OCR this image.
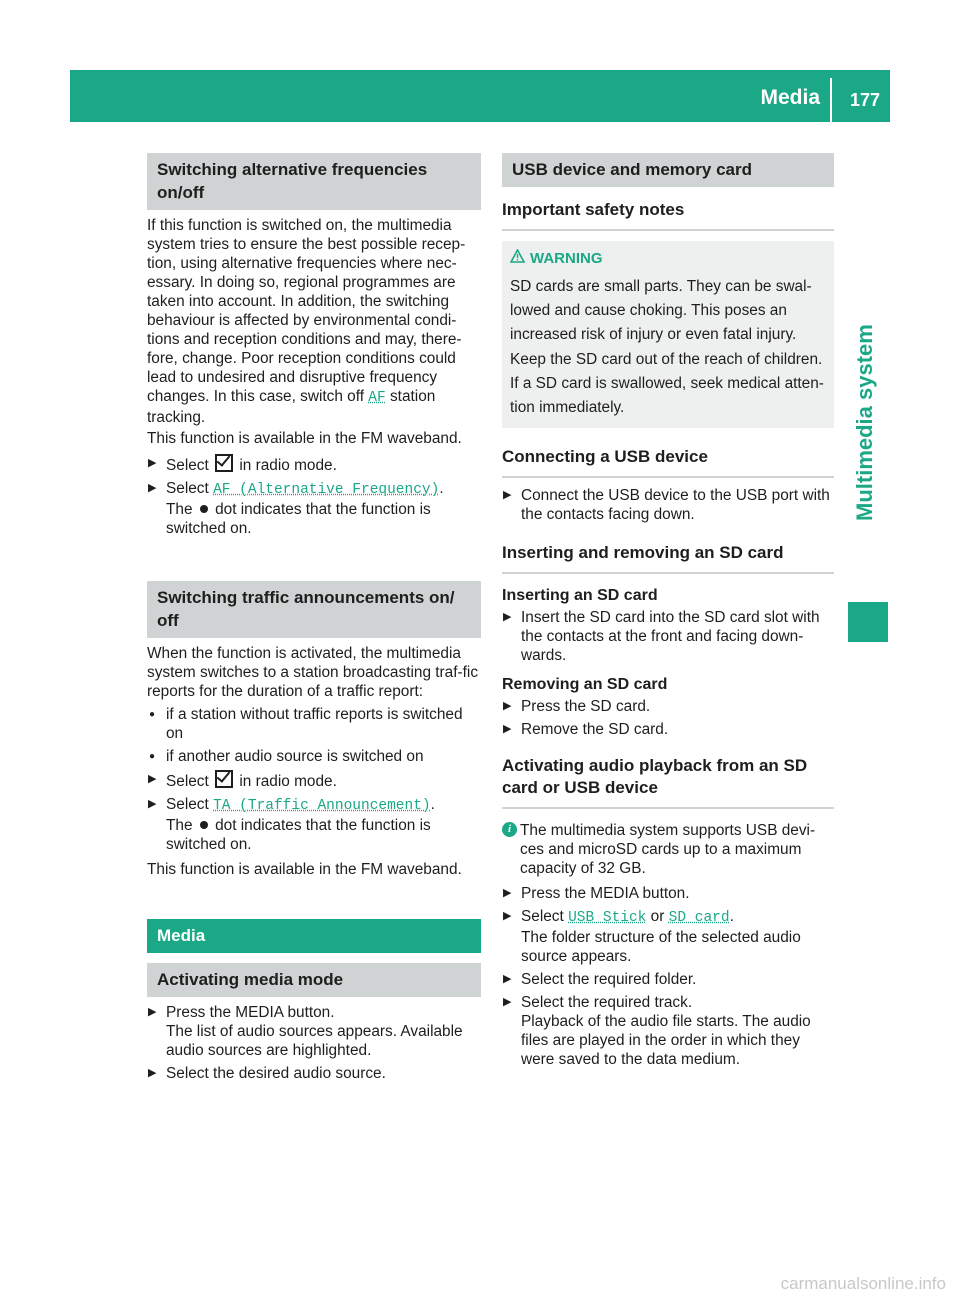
Media 177
Multimedia system
Switching alternative frequencies on/off

If this function is switched on, the multimedia system tries to ensure the best possible recep-tion, using alternative frequencies where nec-essary. In doing so, regional programmes are taken into account. In addition, the switching behaviour is affected by environmental condi-tions and reception conditions and may, there-fore, change. Poor reception conditions could lead to undesired and disruptive frequency changes. In this case, switch off AF station tracking.

This function is available in the FM waveband.

▶ Select in radio mode.

▶ Select AF (Alternative Frequency).
The dot indicates that the function is switched on.

Switching traffic announcements on/ off

When the function is activated, the multimedia system switches to a station broadcasting traf-fic reports for the duration of a traffic report:

● if a station without traffic reports is switched on

● if another audio source is switched on

▶ Select in radio mode.

▶ Select TA (Traffic Announcement).
The dot indicates that the function is switched on.

This function is available in the FM waveband.

Media
Activating media mode

▶ Press the MEDIA button.
The list of audio sources appears. Available audio sources are highlighted.

▶ Select the desired audio source.

USB device and memory card
Important safety notes
WARNING

SD cards are small parts. They can be swal-lowed and cause choking. This poses an increased risk of injury or even fatal injury.

Keep the SD card out of the reach of children. If a SD card is swallowed, seek medical atten-tion immediately.

Connecting a USB device

▶ Connect the USB device to the USB port with the contacts facing down.

Inserting and removing an SD card
Inserting an SD card

▶ Insert the SD card into the SD card slot with the contacts at the front and facing down-wards.

Removing an SD card

▶ Press the SD card.

▶ Remove the SD card.

Activating audio playback from an SD card or USB device

i The multimedia system supports USB devi-ces and microSD cards up to a maximum capacity of 32 GB.

▶ Press the MEDIA button.

▶ Select USB Stick or SD card.
The folder structure of the selected audio source appears.

▶ Select the required folder.

▶ Select the required track.
Playback of the audio file starts. The audio files are played in the order in which they were saved to the data medium.

carmanualsonline.info
